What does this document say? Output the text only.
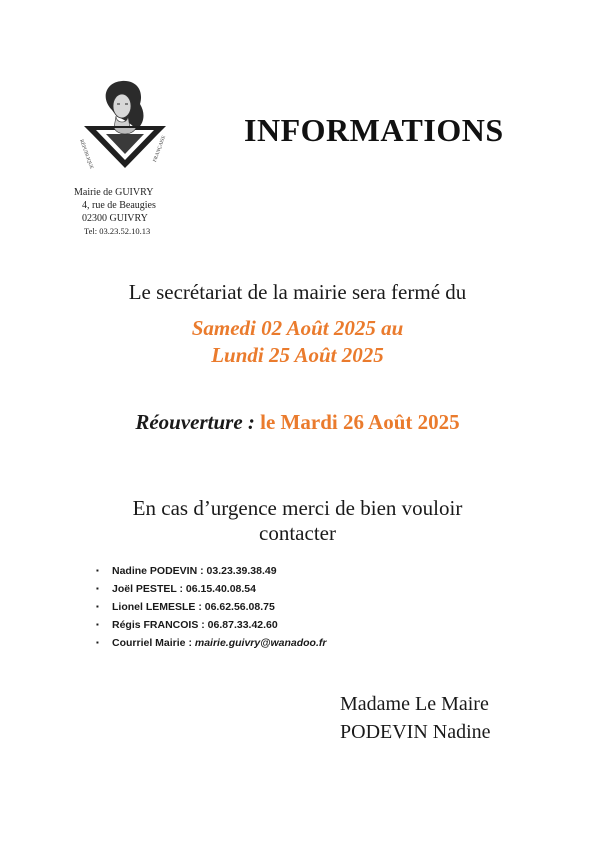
RÉPUBLIQUE	FRANÇAISE
Mairie de GUIVRY
4, rue de Beaugies
02300 GUIVRY
Tel: 03.23.52.10.13
INFORMATIONS
Le secrétariat de la mairie sera fermé du
Samedi 02 Août 2025 au
Lundi 25 Août 2025
Réouverture : le Mardi 26 Août 2025
En cas d’urgence merci de bien vouloir
contacter
▪ Nadine PODEVIN : 03.23.39.38.49
▪ Joël PESTEL : 06.15.40.08.54
▪ Lionel LEMESLE : 06.62.56.08.75
▪ Régis FRANCOIS : 06.87.33.42.60
▪ Courriel Mairie : mairie.guivry@wanadoo.fr
Madame Le Maire
PODEVIN Nadine
